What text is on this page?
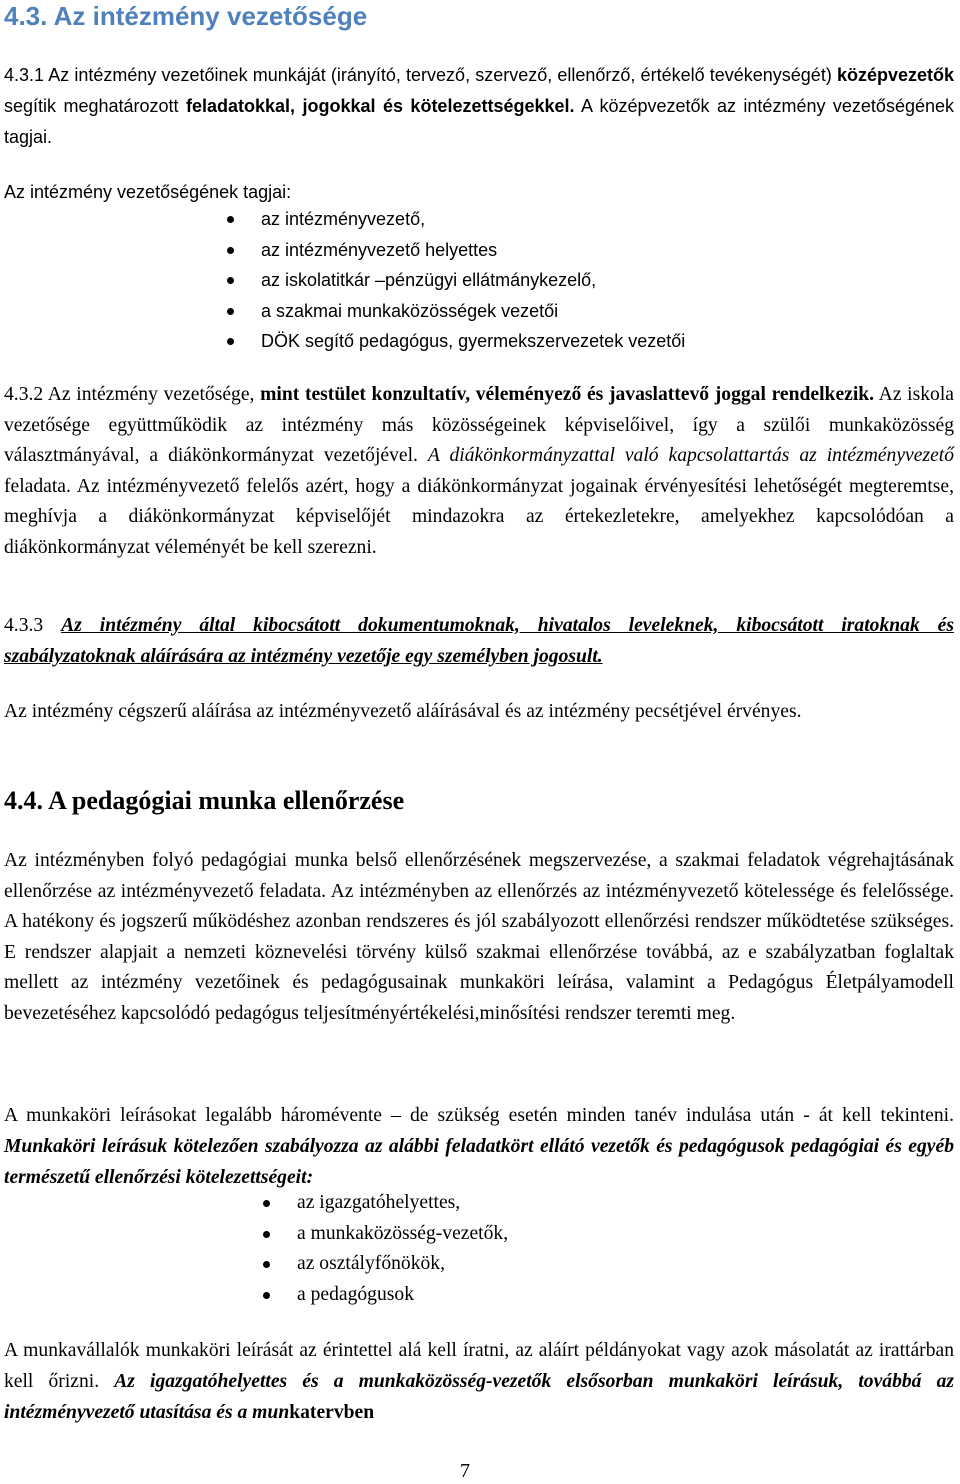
4.3. Az intézmény vezetősége

4.3.1 Az intézmény vezetőinek munkáját (irányító, tervező, szervező, ellenőrző, értékelő tevékenységét) középvezetők segítik meghatározott feladatokkal, jogokkal és kötelezettségekkel. A középvezetők az intézmény vezetőségének tagjai.

Az intézmény vezetőségének tagjai:

az intézményvezető,
az intézményvezető helyettes
az iskolatitkár –pénzügyi ellátmánykezelő,
a szakmai munkaközösségek vezetői
DÖK segítő pedagógus, gyermekszervezetek vezetői

4.3.2 Az intézmény vezetősége, mint testület konzultatív, véleményező és javaslattevő joggal rendelkezik. Az iskola vezetősége együttműködik az intézmény más közösségeinek képviselőivel, így a szülői munkaközösség választmányával, a diákönkormányzat vezetőjével. A diákönkormányzattal való kapcsolattartás az intézményvezető feladata. Az intézményvezető felelős azért, hogy a diákönkormányzat jogainak érvényesítési lehetőségét megteremtse, meghívja a diákönkormányzat képviselőjét mindazokra az értekezletekre, amelyekhez kapcsolódóan a diákönkormányzat véleményét be kell szerezni.

4.3.3 Az intézmény által kibocsátott dokumentumoknak, hivatalos leveleknek, kibocsátott iratoknak és szabályzatoknak aláírására az intézmény vezetője egy személyben jogosult.

Az intézmény cégszerű aláírása az intézményvezető aláírásával és az intézmény pecsétjével érvényes.

4.4. A pedagógiai munka ellenőrzése

Az intézményben folyó pedagógiai munka belső ellenőrzésének megszervezése, a szakmai feladatok végrehajtásának ellenőrzése az intézményvezető feladata. Az intézményben az ellenőrzés az intézményvezető kötelessége és felelőssége. A hatékony és jogszerű működéshez azonban rendszeres és jól szabályozott ellenőrzési rendszer működtetése szükséges. E rendszer alapjait a nemzeti köznevelési törvény külső szakmai ellenőrzése továbbá, az e szabályzatban foglaltak mellett az intézmény vezetőinek és pedagógusainak munkaköri leírása, valamint a Pedagógus Életpályamodell bevezetéséhez kapcsolódó pedagógus teljesítményértékelési,minősítési rendszer teremti meg.

A munkaköri leírásokat legalább háromévente – de szükség esetén minden tanév indulása után - át kell tekinteni. Munkaköri leírásuk kötelezően szabályozza az alábbi feladatkört ellátó vezetők és pedagógusok pedagógiai és egyéb természetű ellenőrzési kötelezettségeit:

az igazgatóhelyettes,
a munkaközösség-vezetők,
az osztályfőnökök,
a pedagógusok

A munkavállalók munkaköri leírását az érintettel alá kell íratni, az aláírt példányokat vagy azok másolatát az irattárban kell őrizni. Az igazgatóhelyettes és a munkaközösség-vezetők elsősorban munkaköri leírásuk, továbbá az intézményvezető utasítása és a munkatervben

7
